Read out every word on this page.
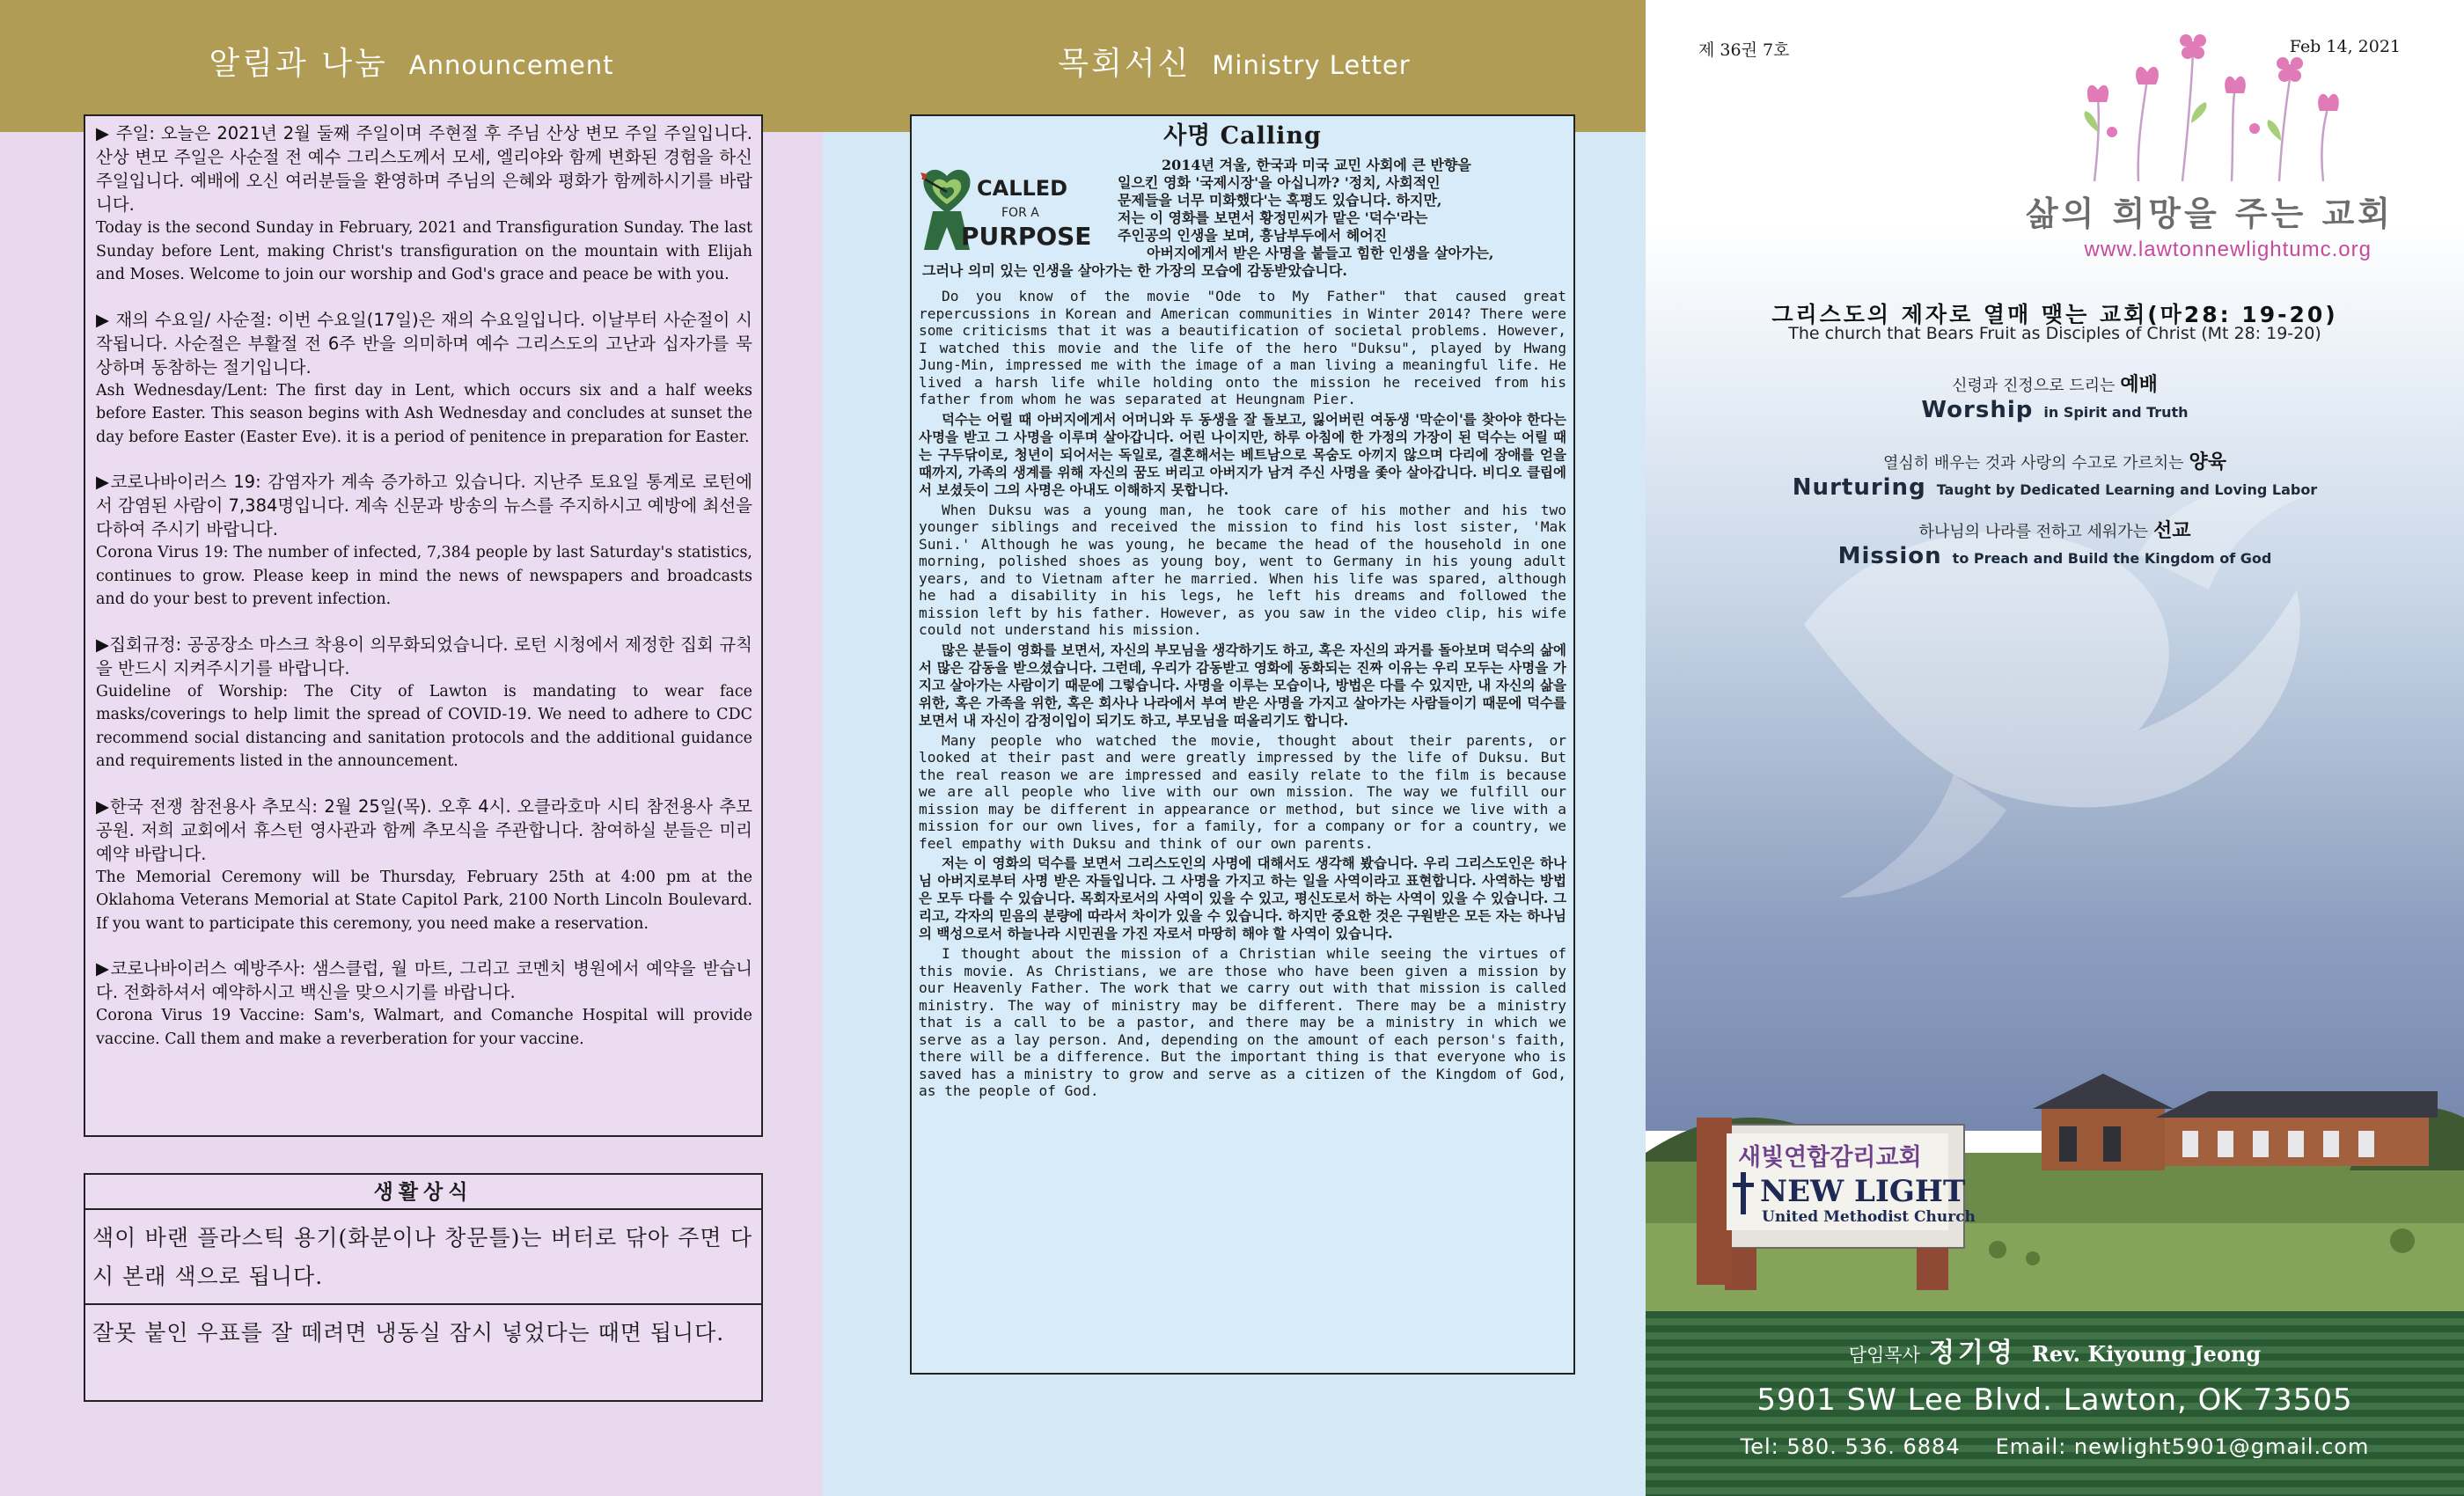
알림과 나눔 Announcement

▶ 주일: 오늘은 2021년 2월 둘째 주일이며 주현절 후 주님 산상 변모 주일 주일입니다. 산상 변모 주일은 사순절 전 예수 그리스도께서 모세, 엘리야와 함께 변화된 경험을 하신 주일입니다. 예배에 오신 여러분들을 환영하며 주님의 은혜와 평화가 함께하시기를 바랍니다.

Today is the second Sunday in February, 2021 and Transfiguration Sunday. The last Sunday before Lent, making Christ's transfiguration on the mountain with Elijah and Moses. Welcome to join our worship and God's grace and peace be with you.

▶ 재의 수요일/ 사순절: 이번 수요일(17일)은 재의 수요일입니다. 이날부터 사순절이 시작됩니다. 사순절은 부활절 전 6주 반을 의미하며 예수 그리스도의 고난과 십자가를 묵상하며 동참하는 절기입니다.

Ash Wednesday/Lent: The first day in Lent, which occurs six and a half weeks before Easter. This season begins with Ash Wednesday and concludes at sunset the day before Easter (Easter Eve). it is a period of penitence in preparation for Easter.

▶코로나바이러스 19: 감염자가 계속 증가하고 있습니다. 지난주 토요일 통계로 로턴에서 감염된 사람이 7,384명입니다. 계속 신문과 방송의 뉴스를 주지하시고 예방에 최선을 다하여 주시기 바랍니다.

Corona Virus 19: The number of infected, 7,384 people by last Saturday's statistics, continues to grow. Please keep in mind the news of newspapers and broadcasts and do your best to prevent infection.

▶집회규정: 공공장소 마스크 착용이 의무화되었습니다. 로턴 시청에서 제정한 집회 규칙을 반드시 지켜주시기를 바랍니다.

Guideline of Worship: The City of Lawton is mandating to wear face masks/coverings to help limit the spread of COVID-19. We need to adhere to CDC recommend social distancing and sanitation protocols and the additional guidance and requirements listed in the announcement.

▶한국 전쟁 참전용사 추모식: 2월 25일(목). 오후 4시. 오클라호마 시티 참전용사 추모 공원. 저희 교회에서 휴스턴 영사관과 함께 추모식을 주관합니다. 참여하실 분들은 미리 예약 바랍니다.

The Memorial Ceremony will be Thursday, February 25th at 4:00 pm at the Oklahoma Veterans Memorial at State Capitol Park, 2100 North Lincoln Boulevard. If you want to participate this ceremony, you need make a reservation.

▶코로나바이러스 예방주사: 샘스클럽, 월 마트, 그리고 코멘치 병원에서 예약을 받습니다. 전화하셔서 예약하시고 백신을 맞으시기를 바랍니다.

Corona Virus 19 Vaccine: Sam's, Walmart, and Comanche Hospital will provide vaccine. Call them and make a reverberation for your vaccine.

생활상식
색이 바랜 플라스틱 용기(화분이나 창문틀)는 버터로 닦아 주면 다시 본래 색으로 됩니다.
잘못 붙인 우표를 잘 떼려면 냉동실 잠시 넣었다는 때면 됩니다.
목회서신 Ministry Letter
사명 Calling
CALLED
FOR A
PURPOSE
2014년 겨울, 한국과 미국 교민 사회에 큰 반향을
일으킨 영화 '국제시장'을 아십니까? '정치, 사회적인
문제들을 너무 미화했다'는 혹평도 있습니다. 하지만,
저는 이 영화를 보면서 황정민씨가 맡은 '덕수'라는
주인공의 인생을 보며, 흥남부두에서 헤어진
아버지에게서 받은 사명을 붙들고 힘한 인생을 살아가는,
그러나 의미 있는 인생을 살아가는 한 가장의 모습에 감동받았습니다.

Do you know of the movie "Ode to My Father" that caused great repercussions in Korean and American communities in Winter 2014? There were some criticisms that it was a beautification of societal problems. However, I watched this movie and the life of the hero "Duksu", played by Hwang Jung-Min, impressed me with the image of a man living a meaningful life. He lived a harsh life while holding onto the mission he received from his father from whom he was separated at Heungnam Pier.

덕수는 어릴 때 아버지에게서 어머니와 두 동생을 잘 돌보고, 잃어버린 여동생 '막순이'를 찾아야 한다는 사명을 받고 그 사명을 이루며 살아갑니다. 어린 나이지만, 하루 아침에 한 가정의 가장이 된 덕수는 어릴 때는 구두닦이로, 청년이 되어서는 독일로, 결혼해서는 베트남으로 목숨도 아끼지 않으며 다리에 장애를 얻을 때까지, 가족의 생계를 위해 자신의 꿈도 버리고 아버지가 남겨 주신 사명을 좇아 살아갑니다. 비디오 클립에서 보셨듯이 그의 사명은 아내도 이해하지 못합니다.

When Duksu was a young man, he took care of his mother and his two younger siblings and received the mission to find his lost sister, 'Mak Suni.' Although he was young, he became the head of the household in one morning, polished shoes as young boy, went to Germany in his young adult years, and to Vietnam after he married. When his life was spared, although he had a disability in his legs, he left his dreams and followed the mission left by his father. However, as you saw in the video clip, his wife could not understand his mission.

많은 분들이 영화를 보면서, 자신의 부모님을 생각하기도 하고, 혹은 자신의 과거를 돌아보며 덕수의 삶에서 많은 감동을 받으셨습니다. 그런데, 우리가 감동받고 영화에 동화되는 진짜 이유는 우리 모두는 사명을 가지고 살아가는 사람이기 때문에 그렇습니다. 사명을 이루는 모습이나, 방법은 다를 수 있지만, 내 자신의 삶을 위한, 혹은 가족을 위한, 혹은 회사나 나라에서 부여 받은 사명을 가지고 살아가는 사람들이기 때문에 덕수를 보면서 내 자신이 감정이입이 되기도 하고, 부모님을 떠올리기도 합니다.

Many people who watched the movie, thought about their parents, or looked at their past and were greatly impressed by the life of Duksu. But the real reason we are impressed and easily relate to the film is because we are all people who live with our own mission. The way we fulfill our mission may be different in appearance or method, but since we live with a mission for our own lives, for a family, for a company or for a country, we feel empathy with Duksu and think of our own parents.

저는 이 영화의 덕수를 보면서 그리스도인의 사명에 대해서도 생각해 봤습니다. 우리 그리스도인은 하나님 아버지로부터 사명 받은 자들입니다. 그 사명을 가지고 하는 일을 사역이라고 표현합니다. 사역하는 방법은 모두 다를 수 있습니다. 목회자로서의 사역이 있을 수 있고, 평신도로서 하는 사역이 있을 수 있습니다. 그리고, 각자의 믿음의 분량에 따라서 차이가 있을 수 있습니다. 하지만 중요한 것은 구원받은 모든 자는 하나님의 백성으로서 하늘나라 시민권을 가진 자로서 마땅히 해야 할 사역이 있습니다.

I thought about the mission of a Christian while seeing the virtues of this movie. As Christians, we are those who have been given a mission by our Heavenly Father. The work that we carry out with that mission is called ministry. The way of ministry may be different. There may be a ministry that is a call to be a pastor, and there may be a ministry in which we serve as a lay person. And, depending on the amount of each person's faith, there will be a difference. But the important thing is that everyone who is saved has a ministry to grow and serve as a citizen of the Kingdom of God, as the people of God.

제 36권 7호	Feb 14, 2021
삶의 희망을 주는 교회
www.lawtonnewlightumc.org
그리스도의 제자로 열매 맺는 교회(마28: 19-20)
The church that Bears Fruit as Disciples of Christ (Mt 28: 19-20)
신령과 진정으로 드리는 예배
Worship in Spirit and Truth
열심히 배우는 것과 사랑의 수고로 가르치는 양육
Nurturing Taught by Dedicated Learning and Loving Labor
하나님의 나라를 전하고 세워가는 선교
Mission to Preach and Build the Kingdom of God
새빛연합감리교회
NEW LIGHT
United Methodist Church
담임목사 정기영 Rev. Kiyoung Jeong
5901 SW Lee Blvd. Lawton, OK 73505
Tel: 580. 536. 6884 Email: newlight5901@gmail.com
